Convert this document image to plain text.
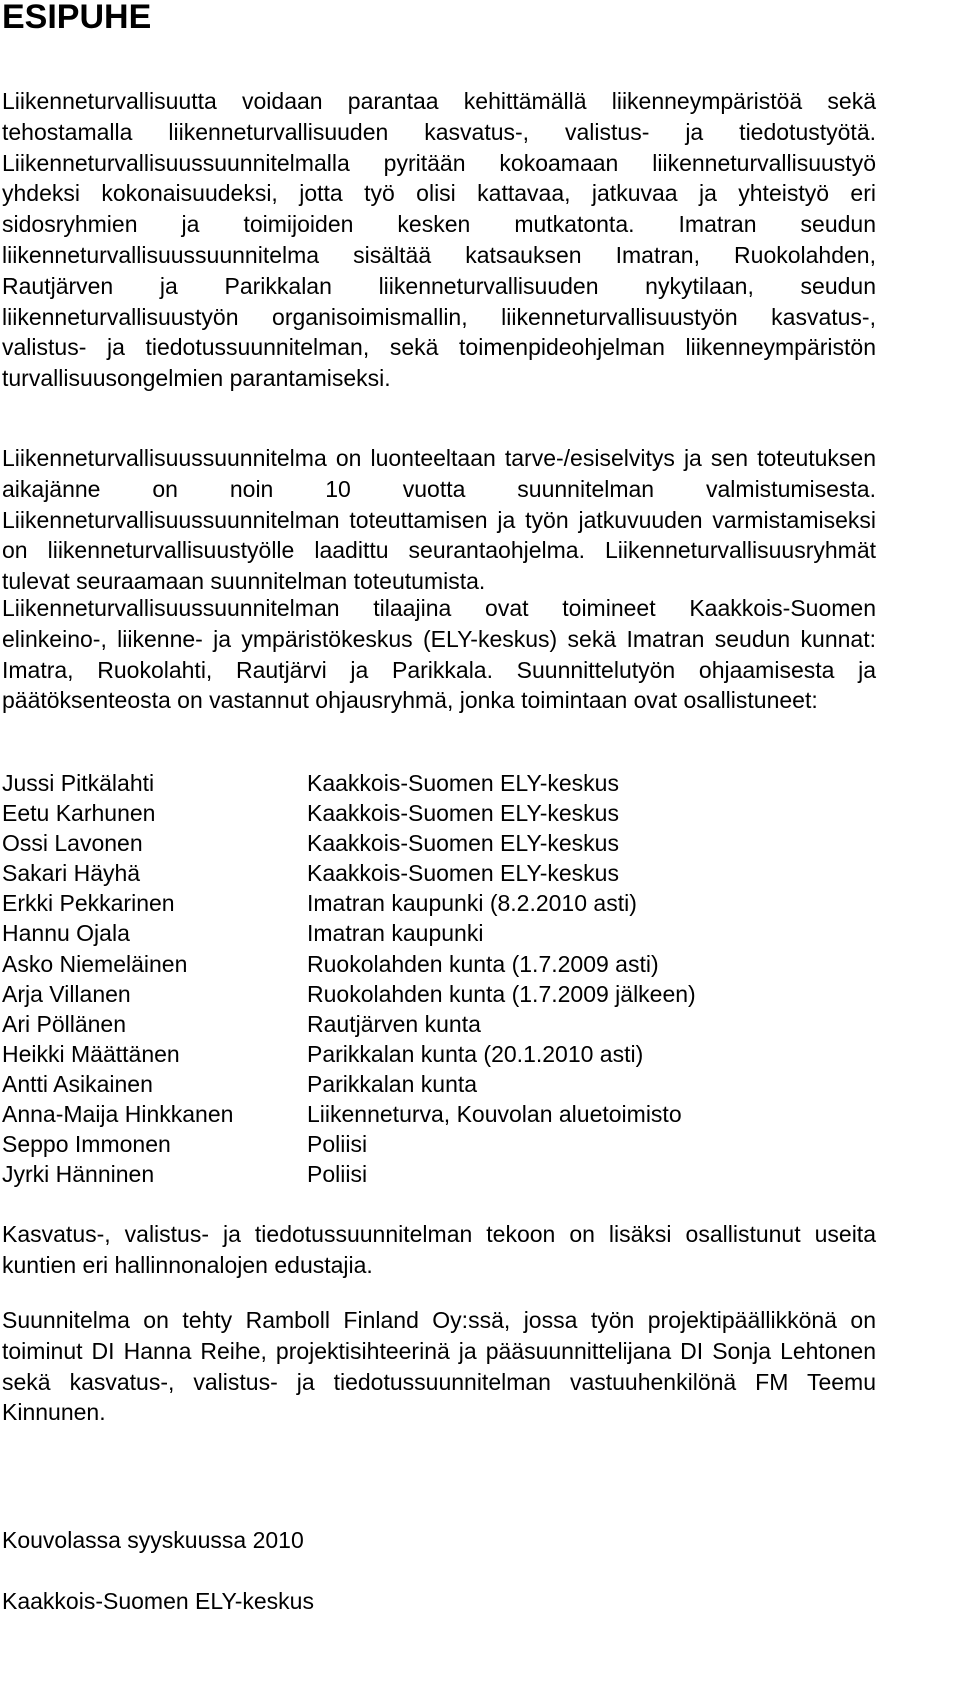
ESIPUHE

Liikenneturvallisuutta voidaan parantaa kehittämällä liikenneympäristöä sekä tehostamalla liikenneturvallisuuden kasvatus-, valistus- ja tiedotustyötä. Liikenneturvallisuussuunnitelmalla pyritään kokoamaan liikenneturvallisuustyö yhdeksi kokonaisuudeksi, jotta työ olisi kattavaa, jatkuvaa ja yhteistyö eri sidosryhmien ja toimijoiden kesken mutkatonta. Imatran seudun liikenneturvallisuussuunnitelma sisältää katsauksen Imatran, Ruokolahden, Rautjärven ja Parikkalan liikenneturvallisuuden nykytilaan, seudun liikenneturvallisuustyön organisoimismallin, liikenneturvallisuustyön kasvatus-, valistus- ja tiedotussuunnitelman, sekä toimenpideohjelman liikenneympäristön turvallisuusongelmien parantamiseksi.

Liikenneturvallisuussuunnitelma on luonteeltaan tarve-/esiselvitys ja sen toteutuksen aikajänne on noin 10 vuotta suunnitelman valmistumisesta. Liikenneturvallisuussuunnitelman toteuttamisen ja työn jatkuvuuden varmistamiseksi on liikenneturvallisuustyölle laadittu seurantaohjelma. Liikenneturvallisuusryhmät tulevat seuraamaan suunnitelman toteutumista.

Liikenneturvallisuussuunnitelman tilaajina ovat toimineet Kaakkois-Suomen elinkeino-, liikenne- ja ympäristökeskus (ELY-keskus) sekä Imatran seudun kunnat: Imatra, Ruokolahti, Rautjärvi ja Parikkala. Suunnittelutyön ohjaamisesta ja päätöksenteosta on vastannut ohjausryhmä, jonka toimintaan ovat osallistuneet:

Jussi Pitkälahti	Kaakkois-Suomen ELY-keskus
Eetu Karhunen	Kaakkois-Suomen ELY-keskus
Ossi Lavonen	Kaakkois-Suomen ELY-keskus
Sakari Häyhä	Kaakkois-Suomen ELY-keskus
Erkki Pekkarinen	Imatran kaupunki (8.2.2010 asti)
Hannu Ojala	Imatran kaupunki
Asko Niemeläinen	Ruokolahden kunta (1.7.2009 asti)
Arja Villanen	Ruokolahden kunta (1.7.2009 jälkeen)
Ari Pöllänen	Rautjärven kunta
Heikki Määttänen	Parikkalan kunta (20.1.2010 asti)
Antti Asikainen	Parikkalan kunta
Anna-Maija Hinkkanen	Liikenneturva, Kouvolan aluetoimisto
Seppo Immonen	Poliisi
Jyrki Hänninen	Poliisi

Kasvatus-, valistus- ja tiedotussuunnitelman tekoon on lisäksi osallistunut useita kuntien eri hallinnonalojen edustajia.

Suunnitelma on tehty Ramboll Finland Oy:ssä, jossa työn projektipäällikkönä on toiminut DI Hanna Reihe, projektisihteerinä ja pääsuunnittelijana DI Sonja Lehtonen sekä kasvatus-, valistus- ja tiedotussuunnitelman vastuuhenkilönä FM Teemu Kinnunen.

Kouvolassa syyskuussa 2010

Kaakkois-Suomen ELY-keskus
